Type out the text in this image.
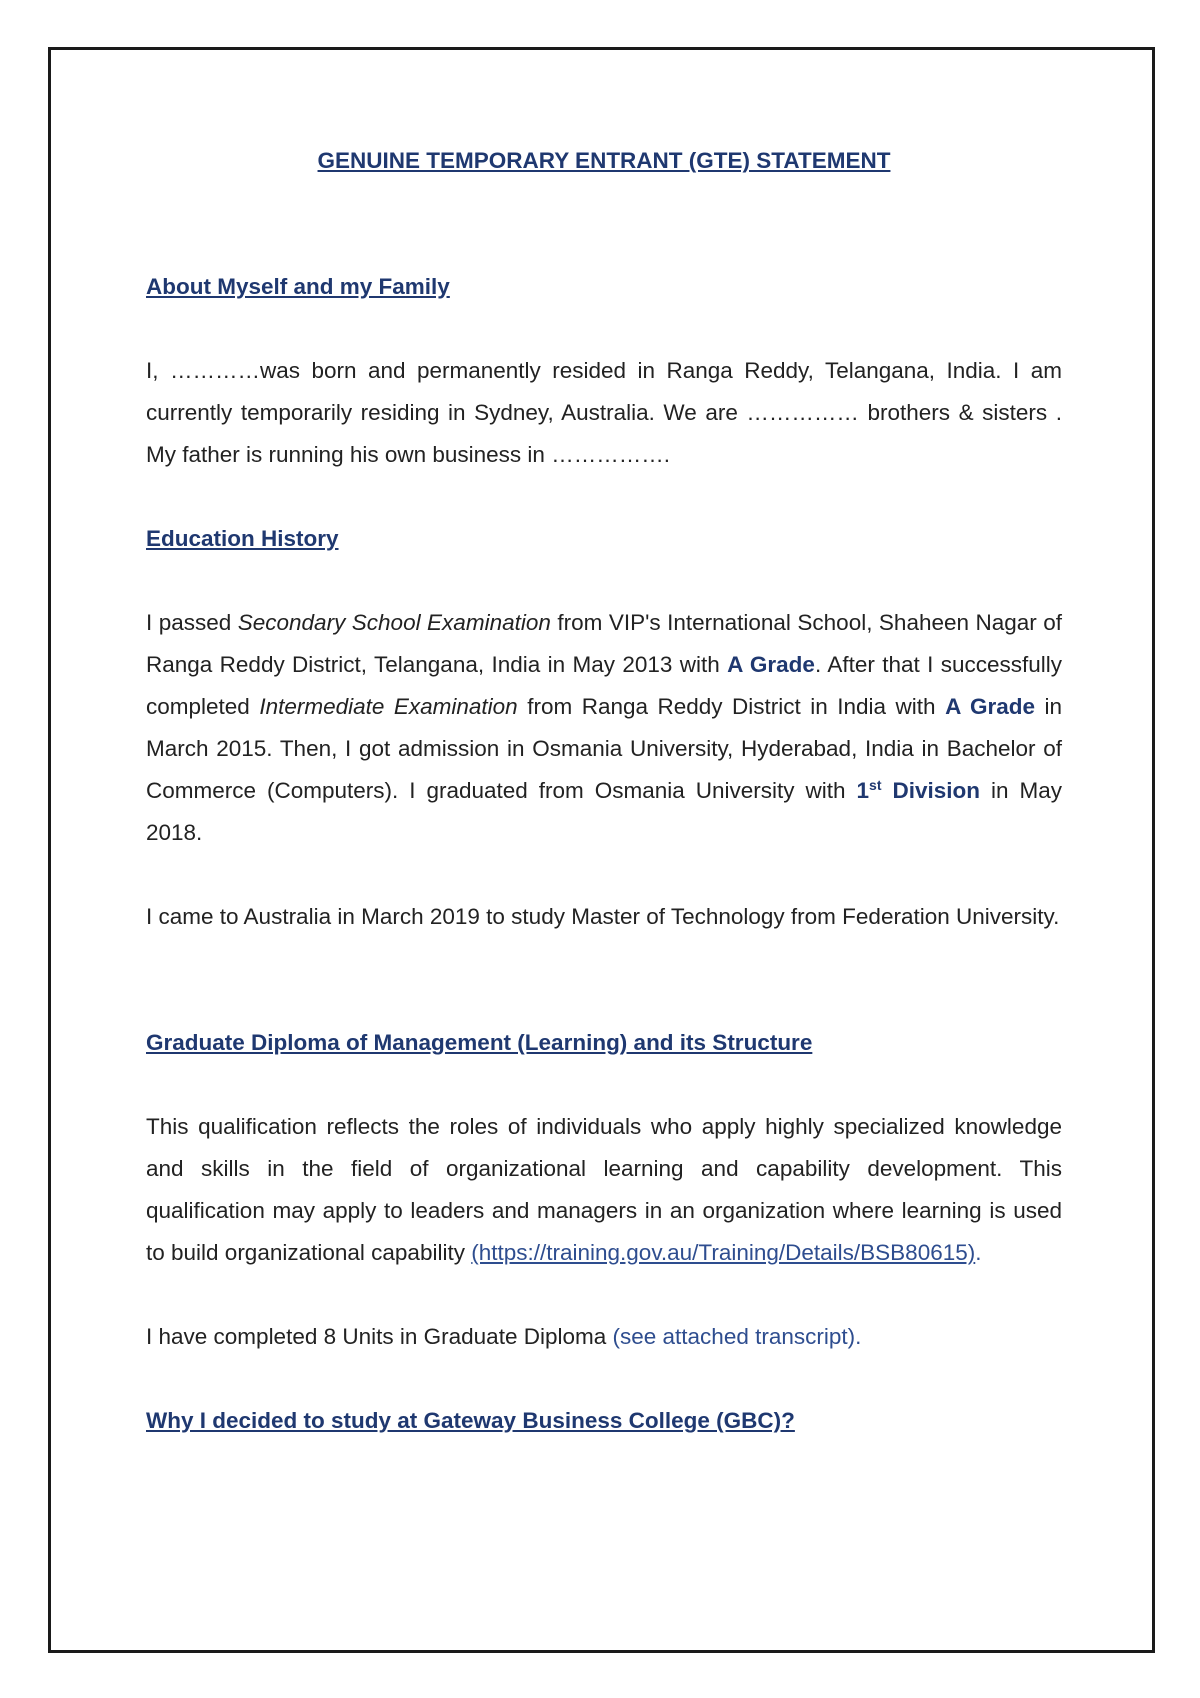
GENUINE TEMPORARY ENTRANT (GTE) STATEMENT
About Myself and my Family

I, …………was born and permanently resided in Ranga Reddy, Telangana, India. I am currently temporarily residing in Sydney, Australia. We are …………… brothers & sisters . My father is running his own business in …………….

Education History

I passed Secondary School Examination from VIP's International School, Shaheen Nagar of Ranga Reddy District, Telangana, India in May 2013 with A Grade. After that I successfully completed Intermediate Examination from Ranga Reddy District in India with A Grade in March 2015. Then, I got admission in Osmania University, Hyderabad, India in Bachelor of Commerce (Computers). I graduated from Osmania University with 1st Division in May 2018.

I came to Australia in March 2019 to study Master of Technology from Federation University.

Graduate Diploma of Management (Learning) and its Structure

This qualification reflects the roles of individuals who apply highly specialized knowledge and skills in the field of organizational learning and capability development. This qualification may apply to leaders and managers in an organization where learning is used to build organizational capability (https://training.gov.au/Training/Details/BSB80615).

I have completed 8 Units in Graduate Diploma (see attached transcript).

Why I decided to study at Gateway Business College (GBC)?
